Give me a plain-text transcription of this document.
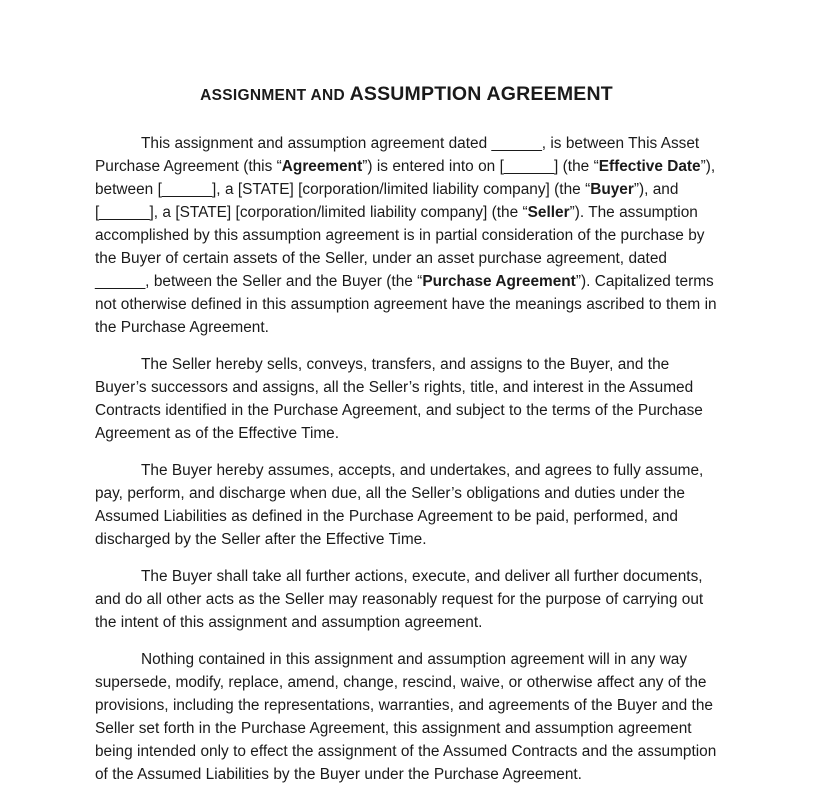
ASSIGNMENT AND ASSUMPTION AGREEMENT

This assignment and assumption agreement dated ______, is between This Asset Purchase Agreement (this “Agreement”) is entered into on [______] (the “Effective Date”), between [______], a [STATE] [corporation/limited liability company] (the “Buyer”), and [______], a [STATE] [corporation/limited liability company] (the “Seller”). The assumption accomplished by this assumption agreement is in partial consideration of the purchase by the Buyer of certain assets of the Seller, under an asset purchase agreement, dated ______, between the Seller and the Buyer (the “Purchase Agreement”). Capitalized terms not otherwise defined in this assumption agreement have the meanings ascribed to them in the Purchase Agreement.

The Seller hereby sells, conveys, transfers, and assigns to the Buyer, and the Buyer’s successors and assigns, all the Seller’s rights, title, and interest in the Assumed Contracts identified in the Purchase Agreement, and subject to the terms of the Purchase Agreement as of the Effective Time.

The Buyer hereby assumes, accepts, and undertakes, and agrees to fully assume, pay, perform, and discharge when due, all the Seller’s obligations and duties under the Assumed Liabilities as defined in the Purchase Agreement to be paid, performed, and discharged by the Seller after the Effective Time.

The Buyer shall take all further actions, execute, and deliver all further documents, and do all other acts as the Seller may reasonably request for the purpose of carrying out the intent of this assignment and assumption agreement.

Nothing contained in this assignment and assumption agreement will in any way supersede, modify, replace, amend, change, rescind, waive, or otherwise affect any of the provisions, including the representations, warranties, and agreements of the Buyer and the Seller set forth in the Purchase Agreement, this assignment and assumption agreement being intended only to effect the assignment of the Assumed Contracts and the assumption of the Assumed Liabilities by the Buyer under the Purchase Agreement.
